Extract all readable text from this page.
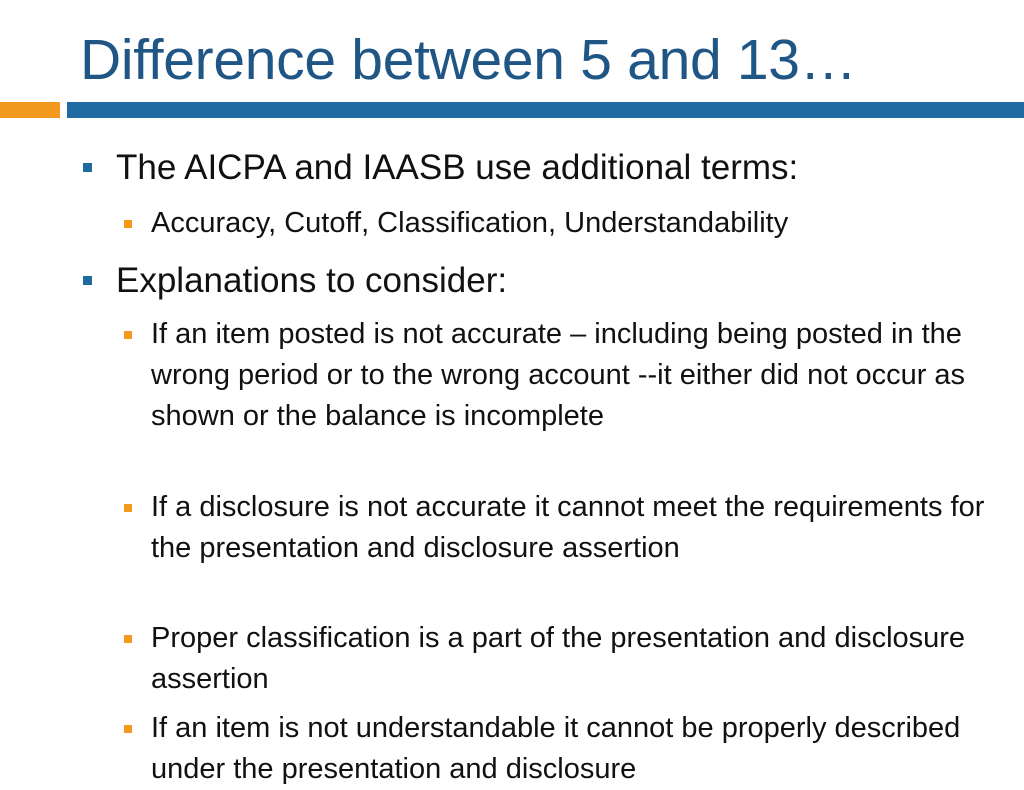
Difference between 5 and 13…
The AICPA and IAASB use additional terms:
Accuracy, Cutoff, Classification, Understandability
Explanations to consider:
If an item posted is not accurate – including being posted in the wrong period or to the wrong account --it either did not occur as shown or the balance is incomplete
If a disclosure is not accurate it cannot meet the requirements for the presentation and disclosure assertion
Proper classification is a part of the presentation and disclosure assertion
If an item is not understandable it cannot be properly described under the presentation and disclosure
